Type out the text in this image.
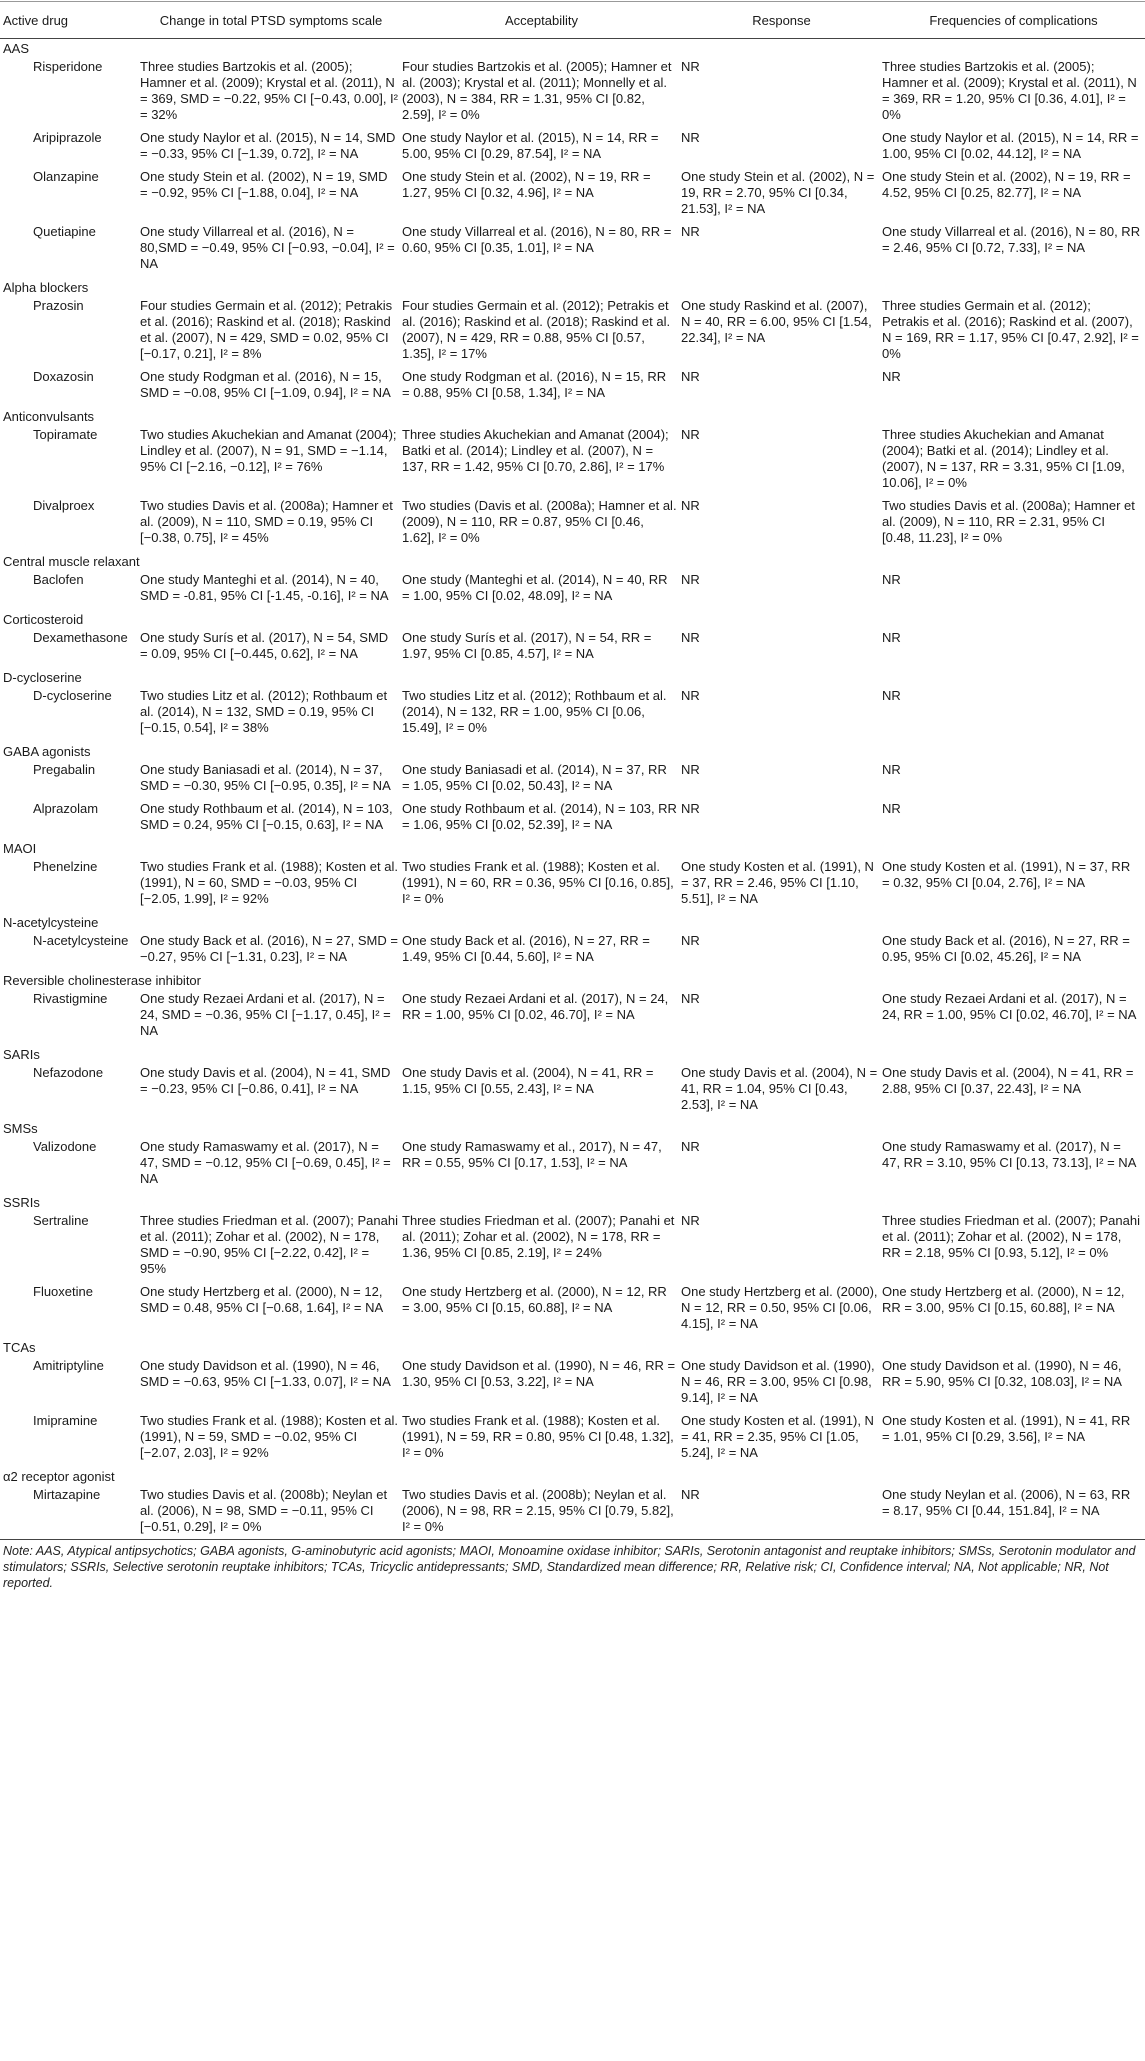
Active drug	Change in total PTSD symptoms scale	Acceptability	Response	Frequencies of complications
AAS				
Risperidone	Three studies Bartzokis et al. (2005); Hamner et al. (2009); Krystal et al. (2011), N = 369, SMD = −0.22, 95% CI [−0.43, 0.00], I² = 32%	Four studies Bartzokis et al. (2005); Hamner et al. (2003); Krystal et al. (2011); Monnelly et al. (2003), N = 384, RR = 1.31, 95% CI [0.82, 2.59], I² = 0%	NR	Three studies Bartzokis et al. (2005); Hamner et al. (2009); Krystal et al. (2011), N = 369, RR = 1.20, 95% CI [0.36, 4.01], I² = 0%
Aripiprazole	One study Naylor et al. (2015), N = 14, SMD = −0.33, 95% CI [−1.39, 0.72], I² = NA	One study Naylor et al. (2015), N = 14, RR = 5.00, 95% CI [0.29, 87.54], I² = NA	NR	One study Naylor et al. (2015), N = 14, RR = 1.00, 95% CI [0.02, 44.12], I² = NA
Olanzapine	One study Stein et al. (2002), N = 19, SMD = −0.92, 95% CI [−1.88, 0.04], I² = NA	One study Stein et al. (2002), N = 19, RR = 1.27, 95% CI [0.32, 4.96], I² = NA	One study Stein et al. (2002), N = 19, RR = 2.70, 95% CI [0.34, 21.53], I² = NA	One study Stein et al. (2002), N = 19, RR = 4.52, 95% CI [0.25, 82.77], I² = NA
Quetiapine	One study Villarreal et al. (2016), N = 80,SMD = −0.49, 95% CI [−0.93, −0.04], I² = NA	One study Villarreal et al. (2016), N = 80, RR = 0.60, 95% CI [0.35, 1.01], I² = NA	NR	One study Villarreal et al. (2016), N = 80, RR = 2.46, 95% CI [0.72, 7.33], I² = NA
Alpha blockers				
Prazosin	Four studies Germain et al. (2012); Petrakis et al. (2016); Raskind et al. (2018); Raskind et al. (2007), N = 429, SMD = 0.02, 95% CI [−0.17, 0.21], I² = 8%	Four studies Germain et al. (2012); Petrakis et al. (2016); Raskind et al. (2018); Raskind et al. (2007), N = 429, RR = 0.88, 95% CI [0.57, 1.35], I² = 17%	One study Raskind et al. (2007), N = 40, RR = 6.00, 95% CI [1.54, 22.34], I² = NA	Three studies Germain et al. (2012); Petrakis et al. (2016); Raskind et al. (2007), N = 169, RR = 1.17, 95% CI [0.47, 2.92], I² = 0%
Doxazosin	One study Rodgman et al. (2016), N = 15, SMD = −0.08, 95% CI [−1.09, 0.94], I² = NA	One study Rodgman et al. (2016), N = 15, RR = 0.88, 95% CI [0.58, 1.34], I² = NA	NR	NR
Anticonvulsants				
Topiramate	Two studies Akuchekian and Amanat (2004); Lindley et al. (2007), N = 91, SMD = −1.14, 95% CI [−2.16, −0.12], I² = 76%	Three studies Akuchekian and Amanat (2004); Batki et al. (2014); Lindley et al. (2007), N = 137, RR = 1.42, 95% CI [0.70, 2.86], I² = 17%	NR	Three studies Akuchekian and Amanat (2004); Batki et al. (2014); Lindley et al. (2007), N = 137, RR = 3.31, 95% CI [1.09, 10.06], I² = 0%
Divalproex	Two studies Davis et al. (2008a); Hamner et al. (2009), N = 110, SMD = 0.19, 95% CI [−0.38, 0.75], I² = 45%	Two studies (Davis et al. (2008a); Hamner et al. (2009), N = 110, RR = 0.87, 95% CI [0.46, 1.62], I² = 0%	NR	Two studies Davis et al. (2008a); Hamner et al. (2009), N = 110, RR = 2.31, 95% CI [0.48, 11.23], I² = 0%
Central muscle relaxant				
Baclofen	One study Manteghi et al. (2014), N = 40, SMD = -0.81, 95% CI [-1.45, -0.16], I² = NA	One study (Manteghi et al. (2014), N = 40, RR = 1.00, 95% CI [0.02, 48.09], I² = NA	NR	NR
Corticosteroid				
Dexamethasone	One study Surís et al. (2017), N = 54, SMD = 0.09, 95% CI [−0.445, 0.62], I² = NA	One study Surís et al. (2017), N = 54, RR = 1.97, 95% CI [0.85, 4.57], I² = NA	NR	NR
D-cycloserine				
D-cycloserine	Two studies Litz et al. (2012); Rothbaum et al. (2014), N = 132, SMD = 0.19, 95% CI [−0.15, 0.54], I² = 38%	Two studies Litz et al. (2012); Rothbaum et al. (2014), N = 132, RR = 1.00, 95% CI [0.06, 15.49], I² = 0%	NR	NR
GABA agonists				
Pregabalin	One study Baniasadi et al. (2014), N = 37, SMD = −0.30, 95% CI [−0.95, 0.35], I² = NA	One study Baniasadi et al. (2014), N = 37, RR = 1.05, 95% CI [0.02, 50.43], I² = NA	NR	NR
Alprazolam	One study Rothbaum et al. (2014), N = 103, SMD = 0.24, 95% CI [−0.15, 0.63], I² = NA	One study Rothbaum et al. (2014), N = 103, RR = 1.06, 95% CI [0.02, 52.39], I² = NA	NR	NR
MAOI				
Phenelzine	Two studies Frank et al. (1988); Kosten et al. (1991), N = 60, SMD = −0.03, 95% CI [−2.05, 1.99], I² = 92%	Two studies Frank et al. (1988); Kosten et al. (1991), N = 60, RR = 0.36, 95% CI [0.16, 0.85], I² = 0%	One study Kosten et al. (1991), N = 37, RR = 2.46, 95% CI [1.10, 5.51], I² = NA	One study Kosten et al. (1991), N = 37, RR = 0.32, 95% CI [0.04, 2.76], I² = NA
N-acetylcysteine				
N-acetylcysteine	One study Back et al. (2016), N = 27, SMD = −0.27, 95% CI [−1.31, 0.23], I² = NA	One study Back et al. (2016), N = 27, RR = 1.49, 95% CI [0.44, 5.60], I² = NA	NR	One study Back et al. (2016), N = 27, RR = 0.95, 95% CI [0.02, 45.26], I² = NA
Reversible cholinesterase inhibitor				
Rivastigmine	One study Rezaei Ardani et al. (2017), N = 24, SMD = −0.36, 95% CI [−1.17, 0.45], I² = NA	One study Rezaei Ardani et al. (2017), N = 24, RR = 1.00, 95% CI [0.02, 46.70], I² = NA	NR	One study Rezaei Ardani et al. (2017), N = 24, RR = 1.00, 95% CI [0.02, 46.70], I² = NA
SARIs				
Nefazodone	One study Davis et al. (2004), N = 41, SMD = −0.23, 95% CI [−0.86, 0.41], I² = NA	One study Davis et al. (2004), N = 41, RR = 1.15, 95% CI [0.55, 2.43], I² = NA	One study Davis et al. (2004), N = 41, RR = 1.04, 95% CI [0.43, 2.53], I² = NA	One study Davis et al. (2004), N = 41, RR = 2.88, 95% CI [0.37, 22.43], I² = NA
SMSs				
Valizodone	One study Ramaswamy et al. (2017), N = 47, SMD = −0.12, 95% CI [−0.69, 0.45], I² = NA	One study Ramaswamy et al., 2017), N = 47, RR = 0.55, 95% CI [0.17, 1.53], I² = NA	NR	One study Ramaswamy et al. (2017), N = 47, RR = 3.10, 95% CI [0.13, 73.13], I² = NA
SSRIs				
Sertraline	Three studies Friedman et al. (2007); Panahi et al. (2011); Zohar et al. (2002), N = 178, SMD = −0.90, 95% CI [−2.22, 0.42], I² = 95%	Three studies Friedman et al. (2007); Panahi et al. (2011); Zohar et al. (2002), N = 178, RR = 1.36, 95% CI [0.85, 2.19], I² = 24%	NR	Three studies Friedman et al. (2007); Panahi et al. (2011); Zohar et al. (2002), N = 178, RR = 2.18, 95% CI [0.93, 5.12], I² = 0%
Fluoxetine	One study Hertzberg et al. (2000), N = 12, SMD = 0.48, 95% CI [−0.68, 1.64], I² = NA	One study Hertzberg et al. (2000), N = 12, RR = 3.00, 95% CI [0.15, 60.88], I² = NA	One study Hertzberg et al. (2000), N = 12, RR = 0.50, 95% CI [0.06, 4.15], I² = NA	One study Hertzberg et al. (2000), N = 12, RR = 3.00, 95% CI [0.15, 60.88], I² = NA
TCAs				
Amitriptyline	One study Davidson et al. (1990), N = 46, SMD = −0.63, 95% CI [−1.33, 0.07], I² = NA	One study Davidson et al. (1990), N = 46, RR = 1.30, 95% CI [0.53, 3.22], I² = NA	One study Davidson et al. (1990), N = 46, RR = 3.00, 95% CI [0.98, 9.14], I² = NA	One study Davidson et al. (1990), N = 46, RR = 5.90, 95% CI [0.32, 108.03], I² = NA
Imipramine	Two studies Frank et al. (1988); Kosten et al. (1991), N = 59, SMD = −0.02, 95% CI [−2.07, 2.03], I² = 92%	Two studies Frank et al. (1988); Kosten et al. (1991), N = 59, RR = 0.80, 95% CI [0.48, 1.32], I² = 0%	One study Kosten et al. (1991), N = 41, RR = 2.35, 95% CI [1.05, 5.24], I² = NA	One study Kosten et al. (1991), N = 41, RR = 1.01, 95% CI [0.29, 3.56], I² = NA
α2 receptor agonist				
Mirtazapine	Two studies Davis et al. (2008b); Neylan et al. (2006), N = 98, SMD = −0.11, 95% CI [−0.51, 0.29], I² = 0%	Two studies Davis et al. (2008b); Neylan et al. (2006), N = 98, RR = 2.15, 95% CI [0.79, 5.82], I² = 0%	NR	One study Neylan et al. (2006), N = 63, RR = 8.17, 95% CI [0.44, 151.84], I² = NA
Note: AAS, Atypical antipsychotics; GABA agonists, G-aminobutyric acid agonists; MAOI, Monoamine oxidase inhibitor; SARIs, Serotonin antagonist and reuptake inhibitors; SMSs, Serotonin modulator and stimulators; SSRIs, Selective serotonin reuptake inhibitors; TCAs, Tricyclic antidepressants; SMD, Standardized mean difference; RR, Relative risk; CI, Confidence interval; NA, Not applicable; NR, Not reported.
